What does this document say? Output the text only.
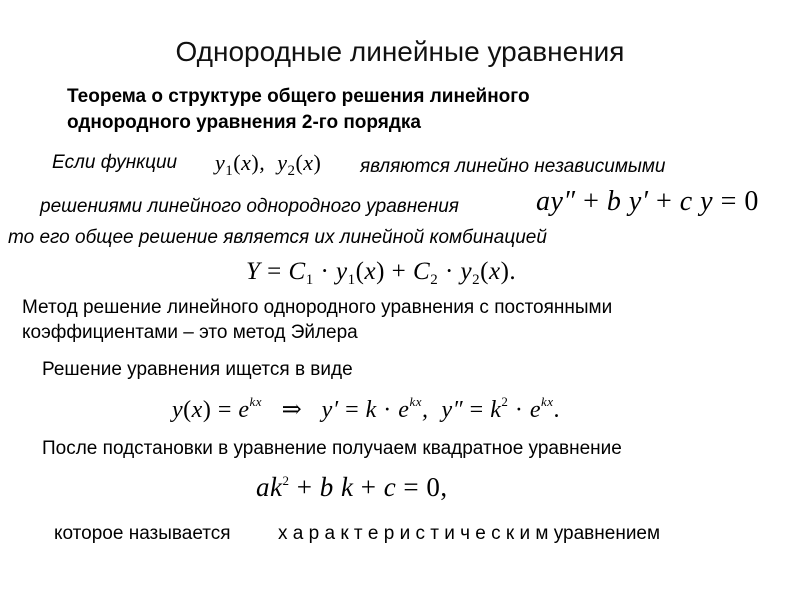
Однородные линейные уравнения
Теорема о структуре общего решения линейного
однородного уравнения 2-го порядка
Если функции $y_1(x)$,  $y_2(x)$ являются линейно независимыми
решениями линейного однородного уравнения	ay″ + b y′ + c y = 0
то его общее решение является их линейной комбинацией
$Y = C_1 \cdot y_1(x) + C_2 \cdot y_2(x)$.
Метод решение линейного однородного уравнения с постоянными
коэффициентами – это метод Эйлера
Решение уравнения ищется в виде
$y(x) = e^{kx}$ ⇒   $y' = k \cdot e^{kx}$,  $y'' = k^2 \cdot e^{kx}$.
После подстановки в уравнение получаем квадратное уравнение
$ak^2 + b$ k + c = 0,
которое называется х а р а к т е р и с т и ч е с к и м уравнением
